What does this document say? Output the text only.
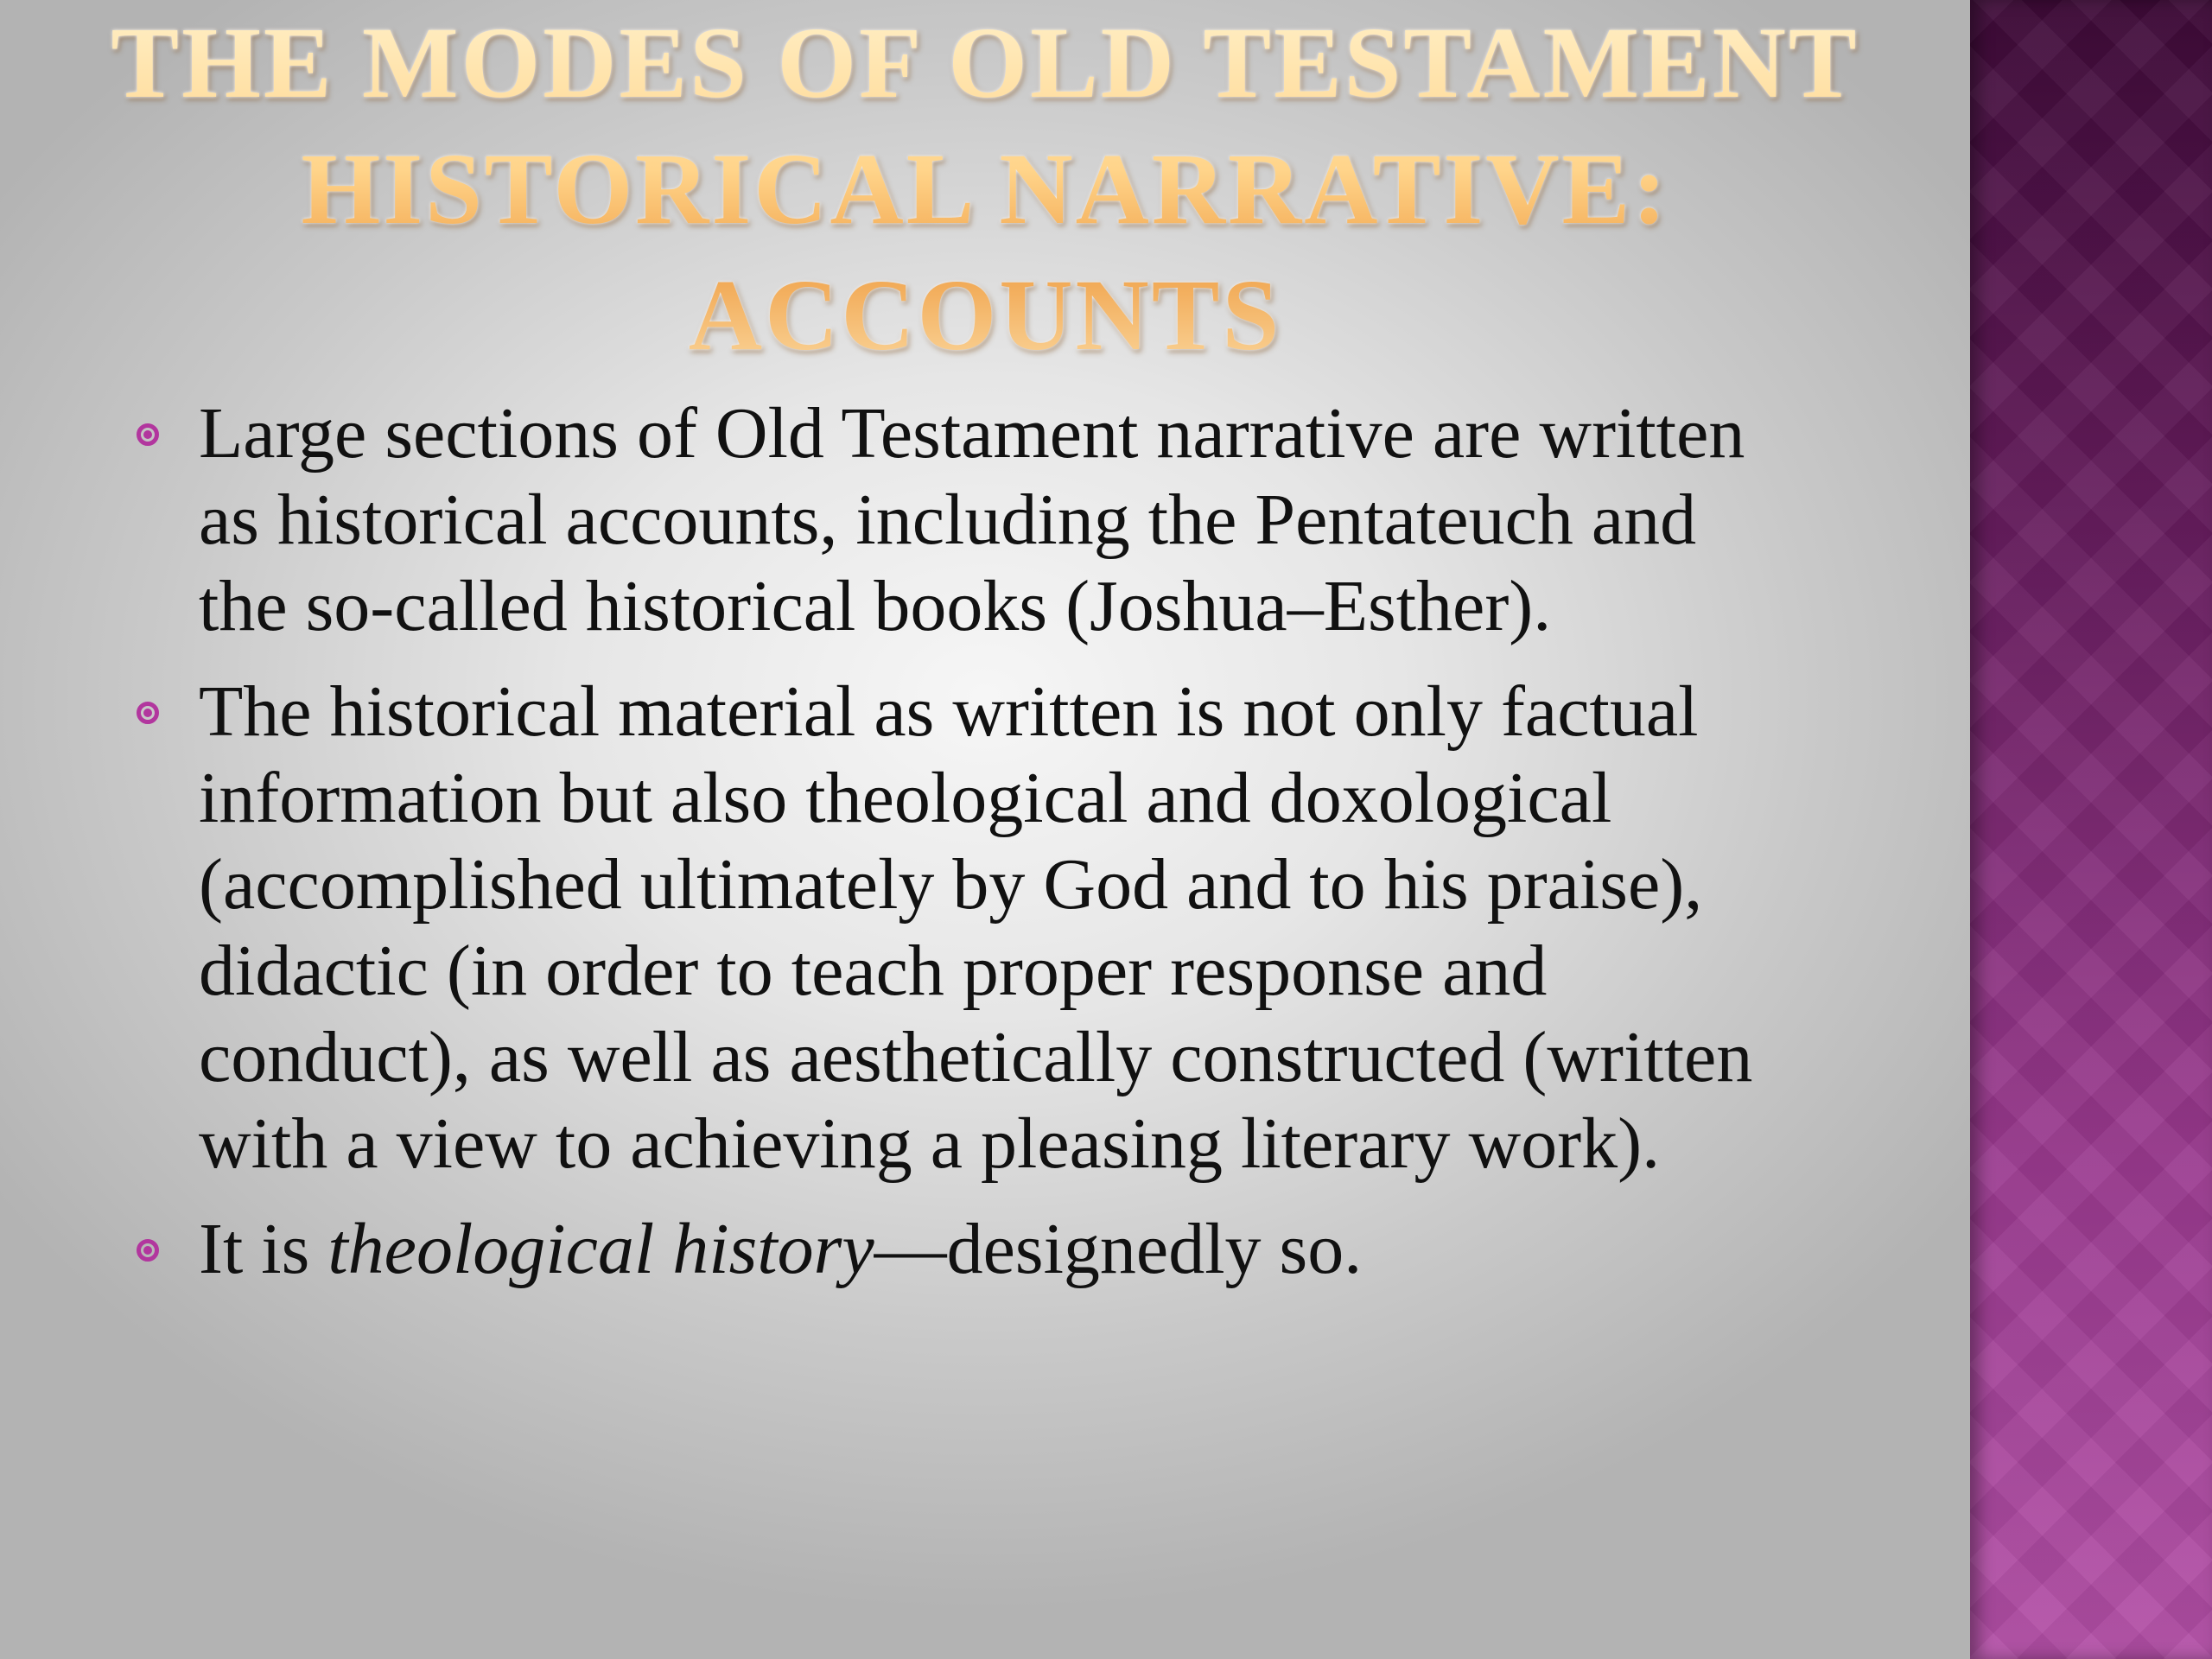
THE MODES OF OLD TESTAMENT
HISTORICAL NARRATIVE:
ACCOUNTS
Large sections of Old Testament narrative are written as historical accounts, including the Pentateuch and the so-called historical books (Joshua–Esther).
The historical material as written is not only factual information but also theological and doxological (accomplished ultimately by God and to his praise), didactic (in order to teach proper response and conduct), as well as aesthetically constructed (written with a view to achieving a pleasing literary work).
It is theological history—designedly so.
